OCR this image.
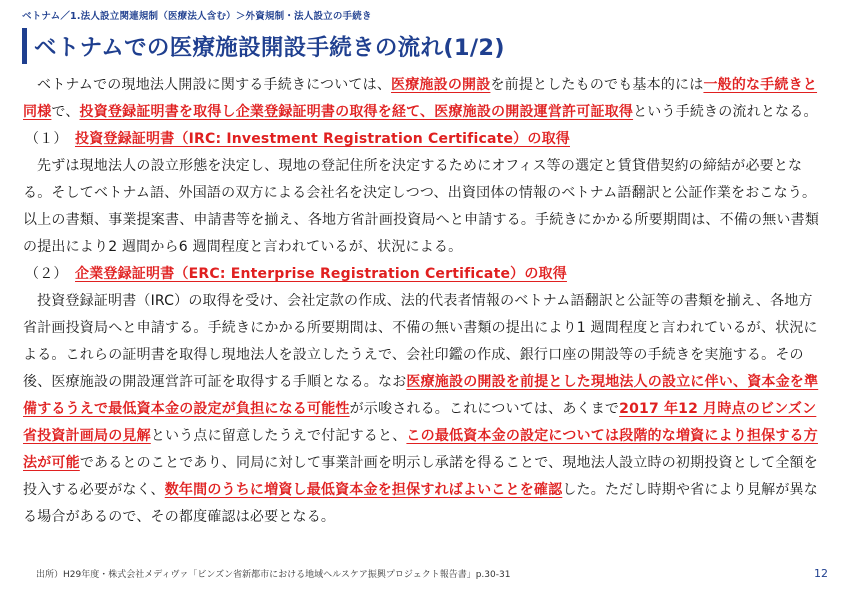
ベトナム／1.法人設立関連規制（医療法人含む）＞外資規制・法人設立の手続き
ベトナムでの医療施設開設手続きの流れ(1/2)

ベトナムでの現地法人開設に関する手続きについては、医療施設の開設を前提としたものでも基本的には一般的な手続きと同様で、投資登録証明書を取得し企業登録証明書の取得を経て、医療施設の開設運営許可証取得という手続きの流れとなる。

（１） 投資登録証明書（IRC: Investment Registration Certificate）の取得

先ずは現地法人の設立形態を決定し、現地の登記住所を決定するためにオフィス等の選定と賃貸借契約の締結が必要となる。そしてベトナム語、外国語の双方による会社名を決定しつつ、出資団体の情報のベトナム語翻訳と公証作業をおこなう。以上の書類、事業提案書、申請書等を揃え、各地方省計画投資局へと申請する。手続きにかかる所要期間は、不備の無い書類の提出により2 週間から6 週間程度と言われているが、状況による。

（２） 企業登録証明書（ERC: Enterprise Registration Certificate）の取得

投資登録証明書（IRC）の取得を受け、会社定款の作成、法的代表者情報のベトナム語翻訳と公証等の書類を揃え、各地方省計画投資局へと申請する。手続きにかかる所要期間は、不備の無い書類の提出により1 週間程度と言われているが、状況による。これらの証明書を取得し現地法人を設立したうえで、会社印鑑の作成、銀行口座の開設等の手続きを実施する。その後、医療施設の開設運営許可証を取得する手順となる。なお医療施設の開設を前提とした現地法人の設立に伴い、資本金を準備するうえで最低資本金の設定が負担になる可能性が示唆される。これについては、あくまで2017 年12 月時点のビンズン省投資計画局の見解という点に留意したうえで付記すると、この最低資本金の設定については段階的な増資により担保する方法が可能であるとのことであり、同局に対して事業計画を明示し承諾を得ることで、現地法人設立時の初期投資として全額を投入する必要がなく、数年間のうちに増資し最低資本金を担保すればよいことを確認した。ただし時期や省により見解が異なる場合があるので、その都度確認は必要となる。

出所）H29年度・株式会社メディヴァ「ビンズン省新都市における地域ヘルスケア振興プロジェクト報告書」p.30-31	12
